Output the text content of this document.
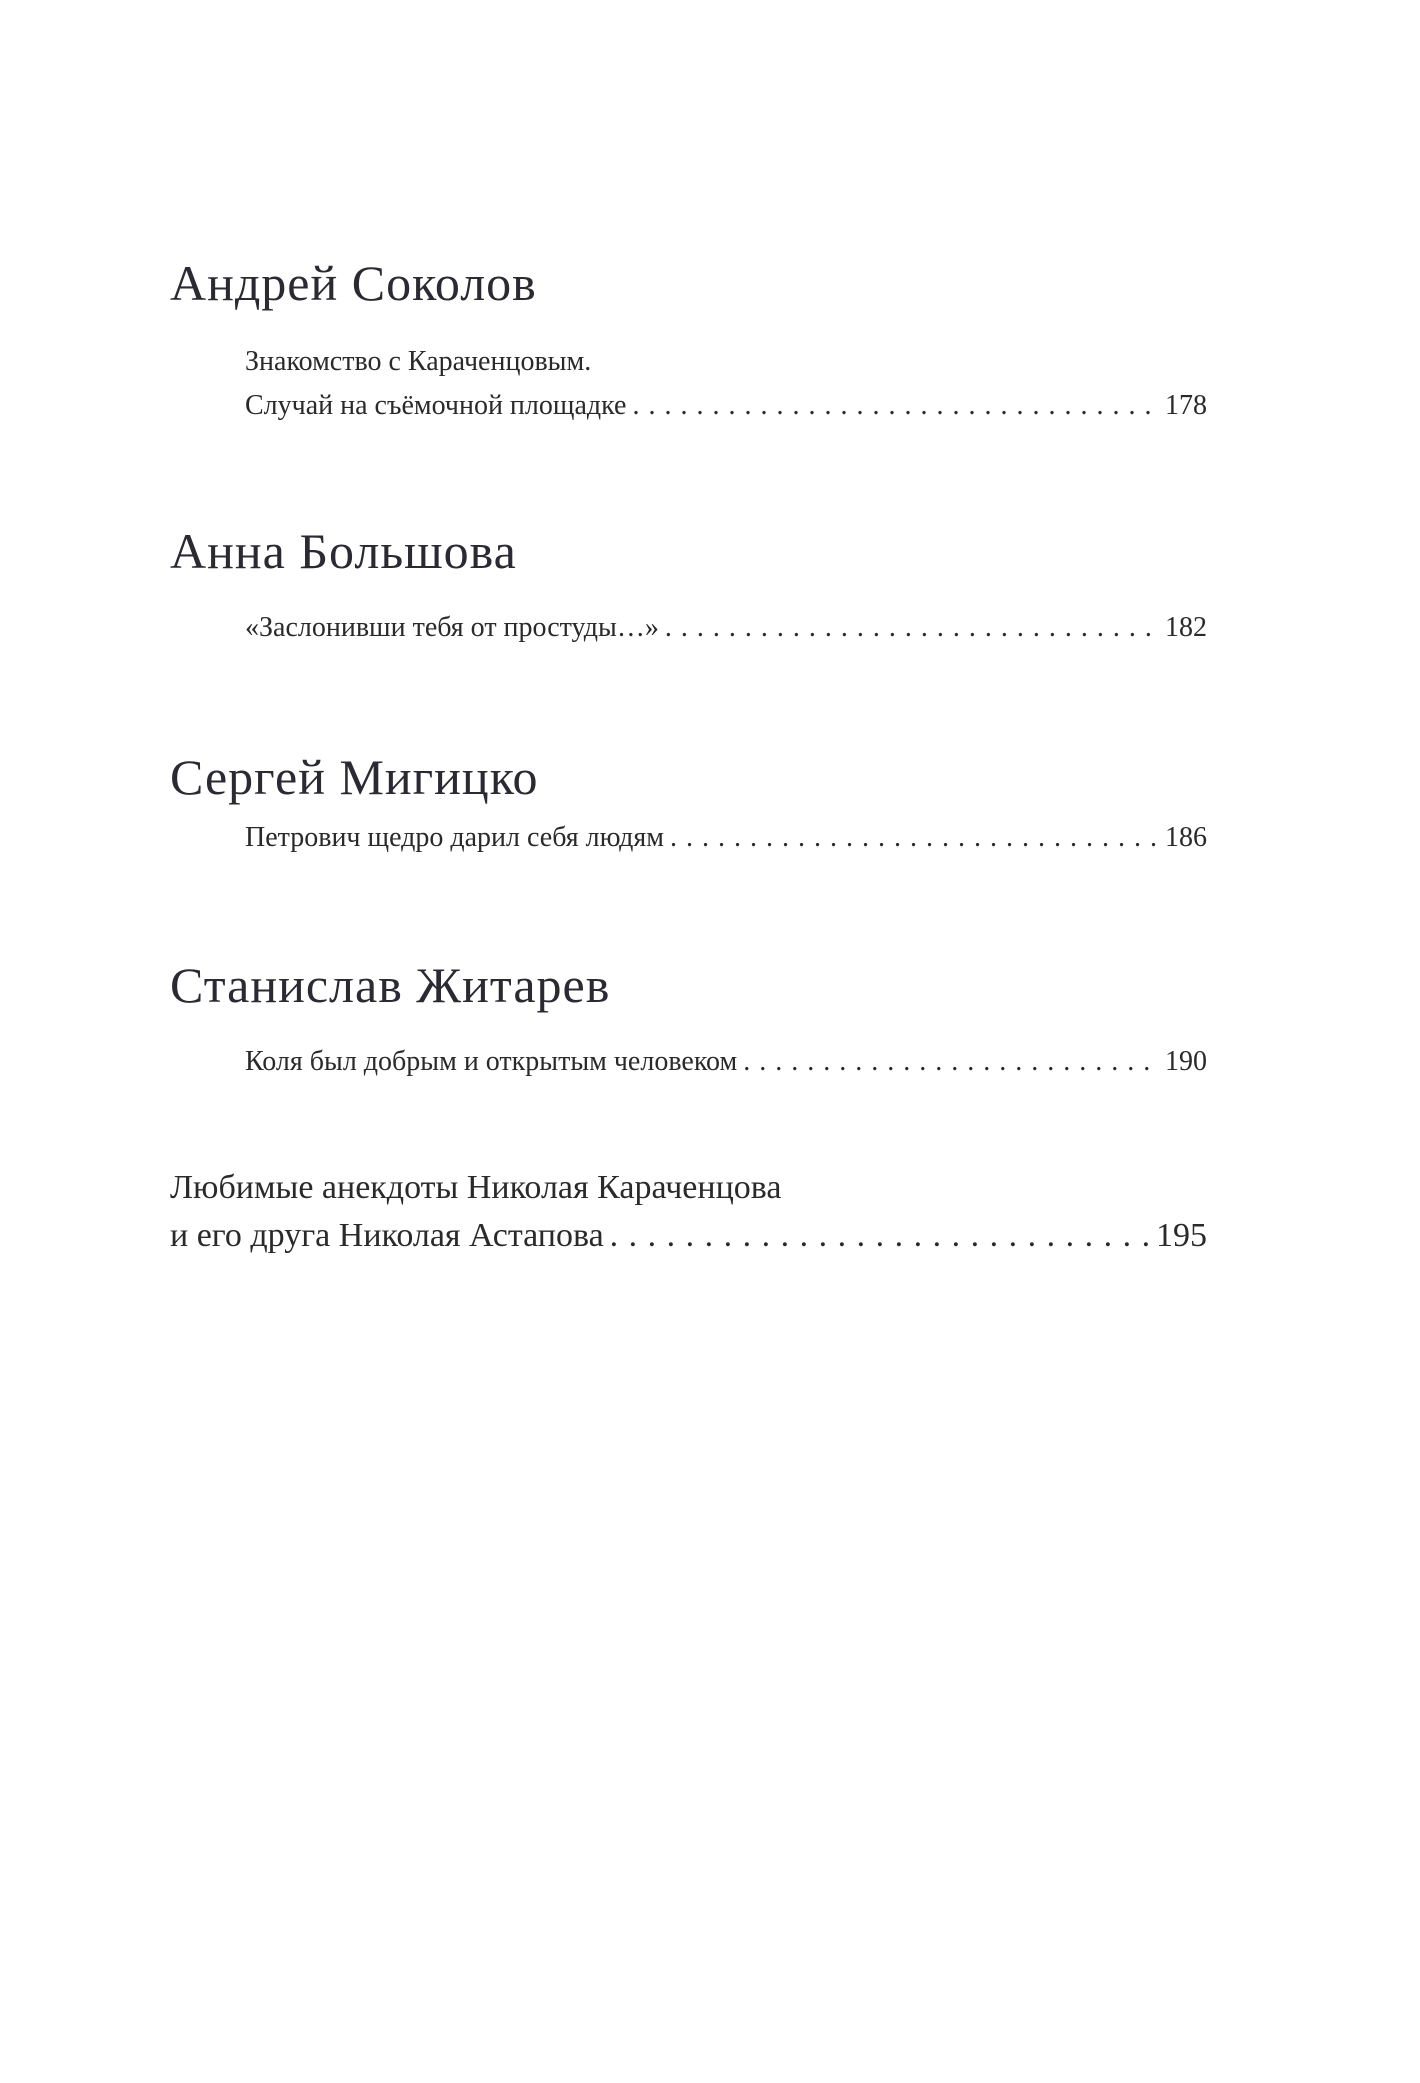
Андрей Соколов
Знакомство с Караченцовым.
Случай на съёмочной площадке . . .	178
Анна Большова
«Заслонивши тебя от простуды…» . . .	182
Сергей Мигицко
Петрович щедро дарил себя людям . . .	186
Станислав Житарев
Коля был добрым и открытым человеком . . .	190
Любимые анекдоты Николая Караченцова
и его друга Николая Астапова . . .	195
